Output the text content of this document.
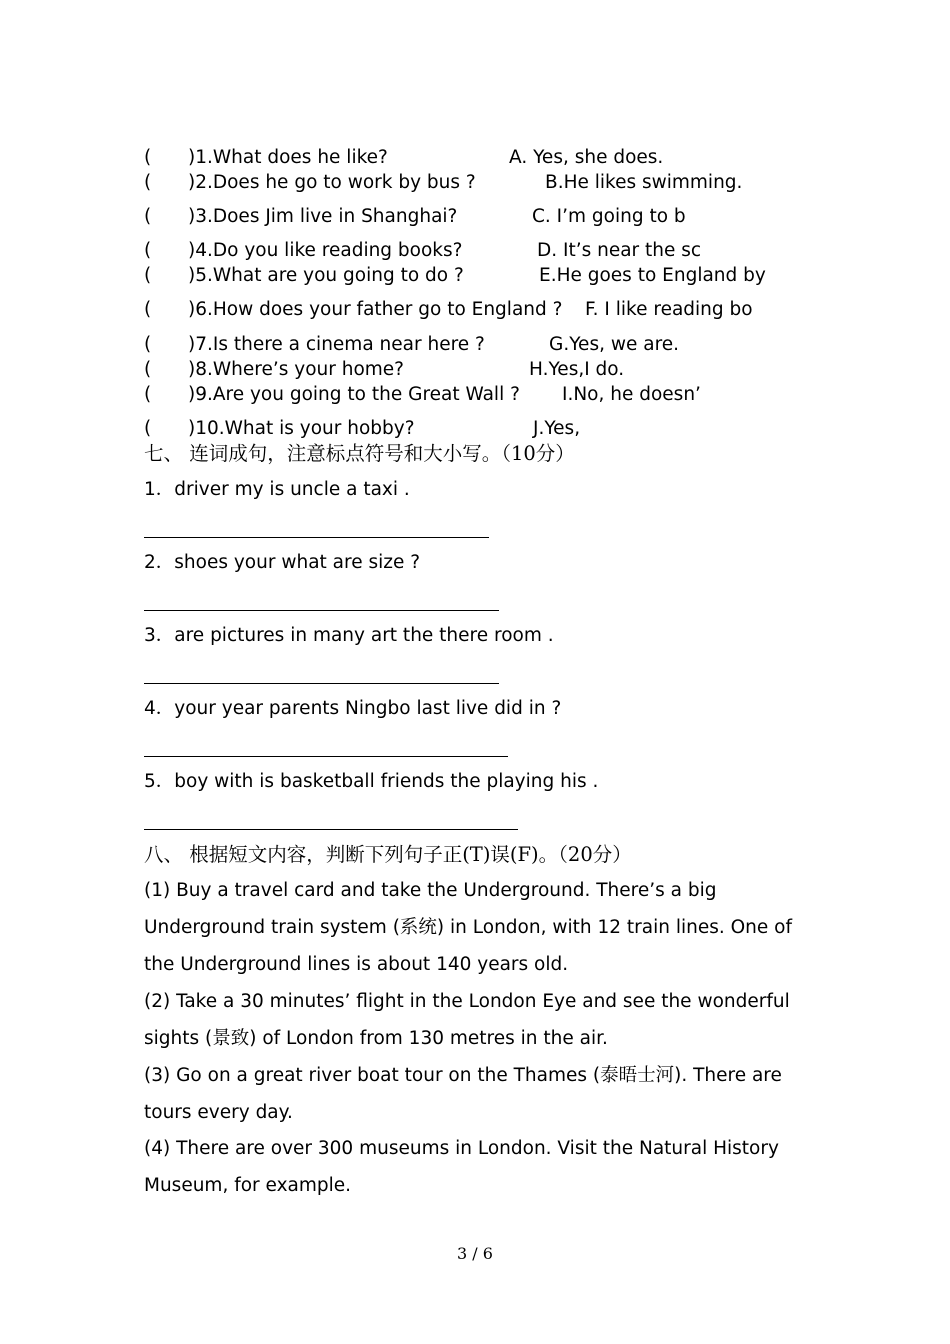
( )1.What does he like?	A. Yes, she does.
( )2.Does he go to work by bus ?	B.He likes swimming.
( )3.Does Jim live in Shanghai?	C. I’m going to b
( )4.Do you like reading books?	D. It’s near the sc
( )5.What are you going to do ?	E.He goes to England by
( )6.How does your father go to England ? F. I like reading bo
( )7.Is there a cinema near here ?	G.Yes, we are.
( )8.Where’s your home?	H.Yes,I do.
( )9.Are you going to the Great Wall ? I.No, he doesn’
( )10.What is your hobby?	J.Yes,
七、 连词成句，注意标点符号和大小写。（10分）
1．driver my is uncle a taxi .
2．shoes your what are size ?
3．are pictures in many art the there room .
4．your year parents Ningbo last live did in ?
5．boy with is basketball friends the playing his .
八、 根据短文内容，判断下列句子正(T)误(F)。（20分）
(1) Buy a travel card and take the Underground. There’s a big Underground train system (系统) in London, with 12 train lines. One of the Underground lines is about 140 years old.
(2) Take a 30 minutes’ flight in the London Eye and see the wonderful sights (景致) of London from 130 metres in the air.
(3) Go on a great river boat tour on the Thames (泰晤士河). There are tours every day.
(4) There are over 300 museums in London. Visit the Natural History Museum, for example.
3 / 6
